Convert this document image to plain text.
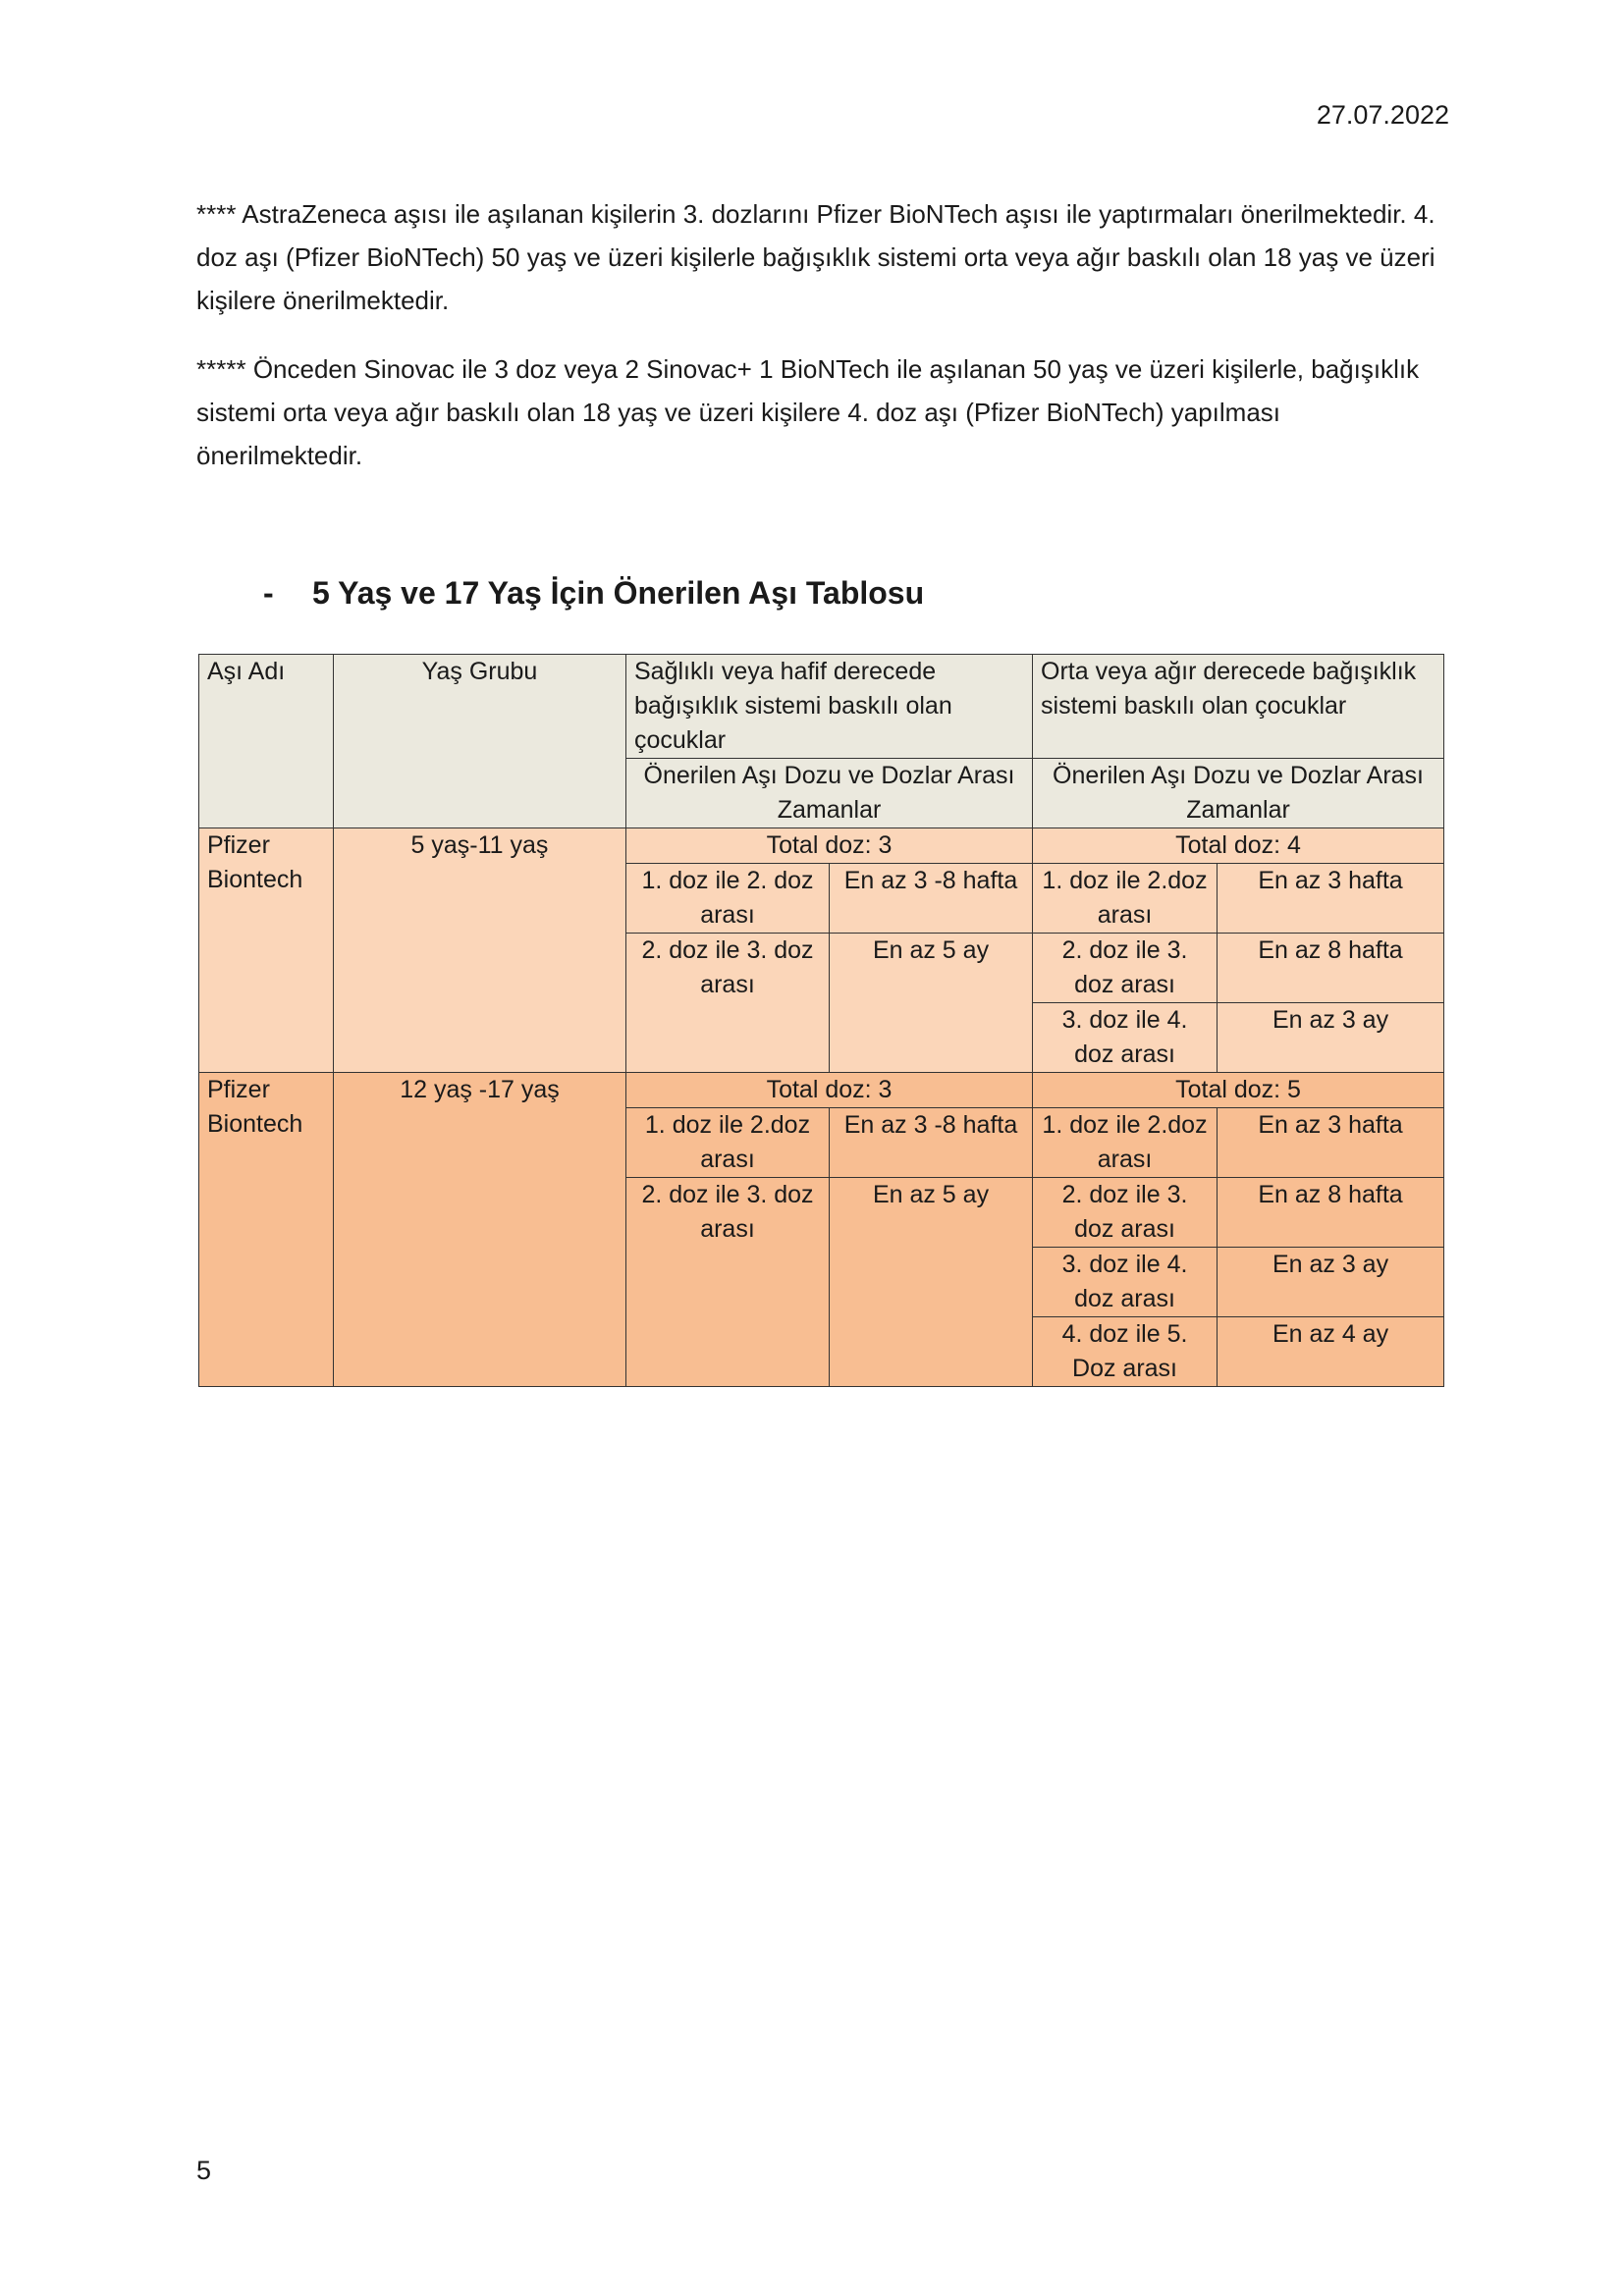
27.07.2022

**** AstraZeneca aşısı ile aşılanan kişilerin 3. dozlarını Pfizer BioNTech aşısı ile yaptırmaları önerilmektedir. 4. doz aşı (Pfizer BioNTech) 50 yaş ve üzeri kişilerle bağışıklık sistemi orta veya ağır baskılı olan 18 yaş ve üzeri kişilere önerilmektedir.

***** Önceden Sinovac ile 3 doz veya 2 Sinovac+ 1 BioNTech ile aşılanan 50 yaş ve üzeri kişilerle, bağışıklık sistemi orta veya ağır baskılı olan 18 yaş ve üzeri kişilere 4. doz aşı (Pfizer BioNTech) yapılması önerilmektedir.

-	5 Yaş ve 17 Yaş İçin Önerilen Aşı Tablosu
Aşı Adı	Yaş Grubu	Sağlıklı veya hafif derecede bağışıklık sistemi baskılı olan çocuklar		Orta veya ağır derecede bağışıklık sistemi baskılı olan çocuklar	
		Önerilen Aşı Dozu ve Dozlar Arası Zamanlar		Önerilen Aşı Dozu ve Dozlar Arası Zamanlar	
Pfizer Biontech	5 yaş-11 yaş	Total doz: 3		Total doz: 4	
		1. doz ile 2. doz arası	En az 3 -8 hafta	1. doz ile 2.doz arası	En az 3 hafta
		2. doz ile 3. doz arası	En az 5 ay	2. doz ile 3. doz arası	En az 8 hafta
				3. doz ile 4. doz arası	En az 3 ay
Pfizer Biontech	12 yaş -17 yaş	Total doz: 3		Total doz: 5	
		1. doz ile 2.doz arası	En az 3 -8 hafta	1. doz ile 2.doz arası	En az 3 hafta
		2. doz ile 3. doz arası	En az 5 ay	2. doz ile 3. doz arası	En az 8 hafta
				3. doz ile 4. doz arası	En az 3 ay
				4. doz ile 5. Doz arası	En az 4 ay
5
